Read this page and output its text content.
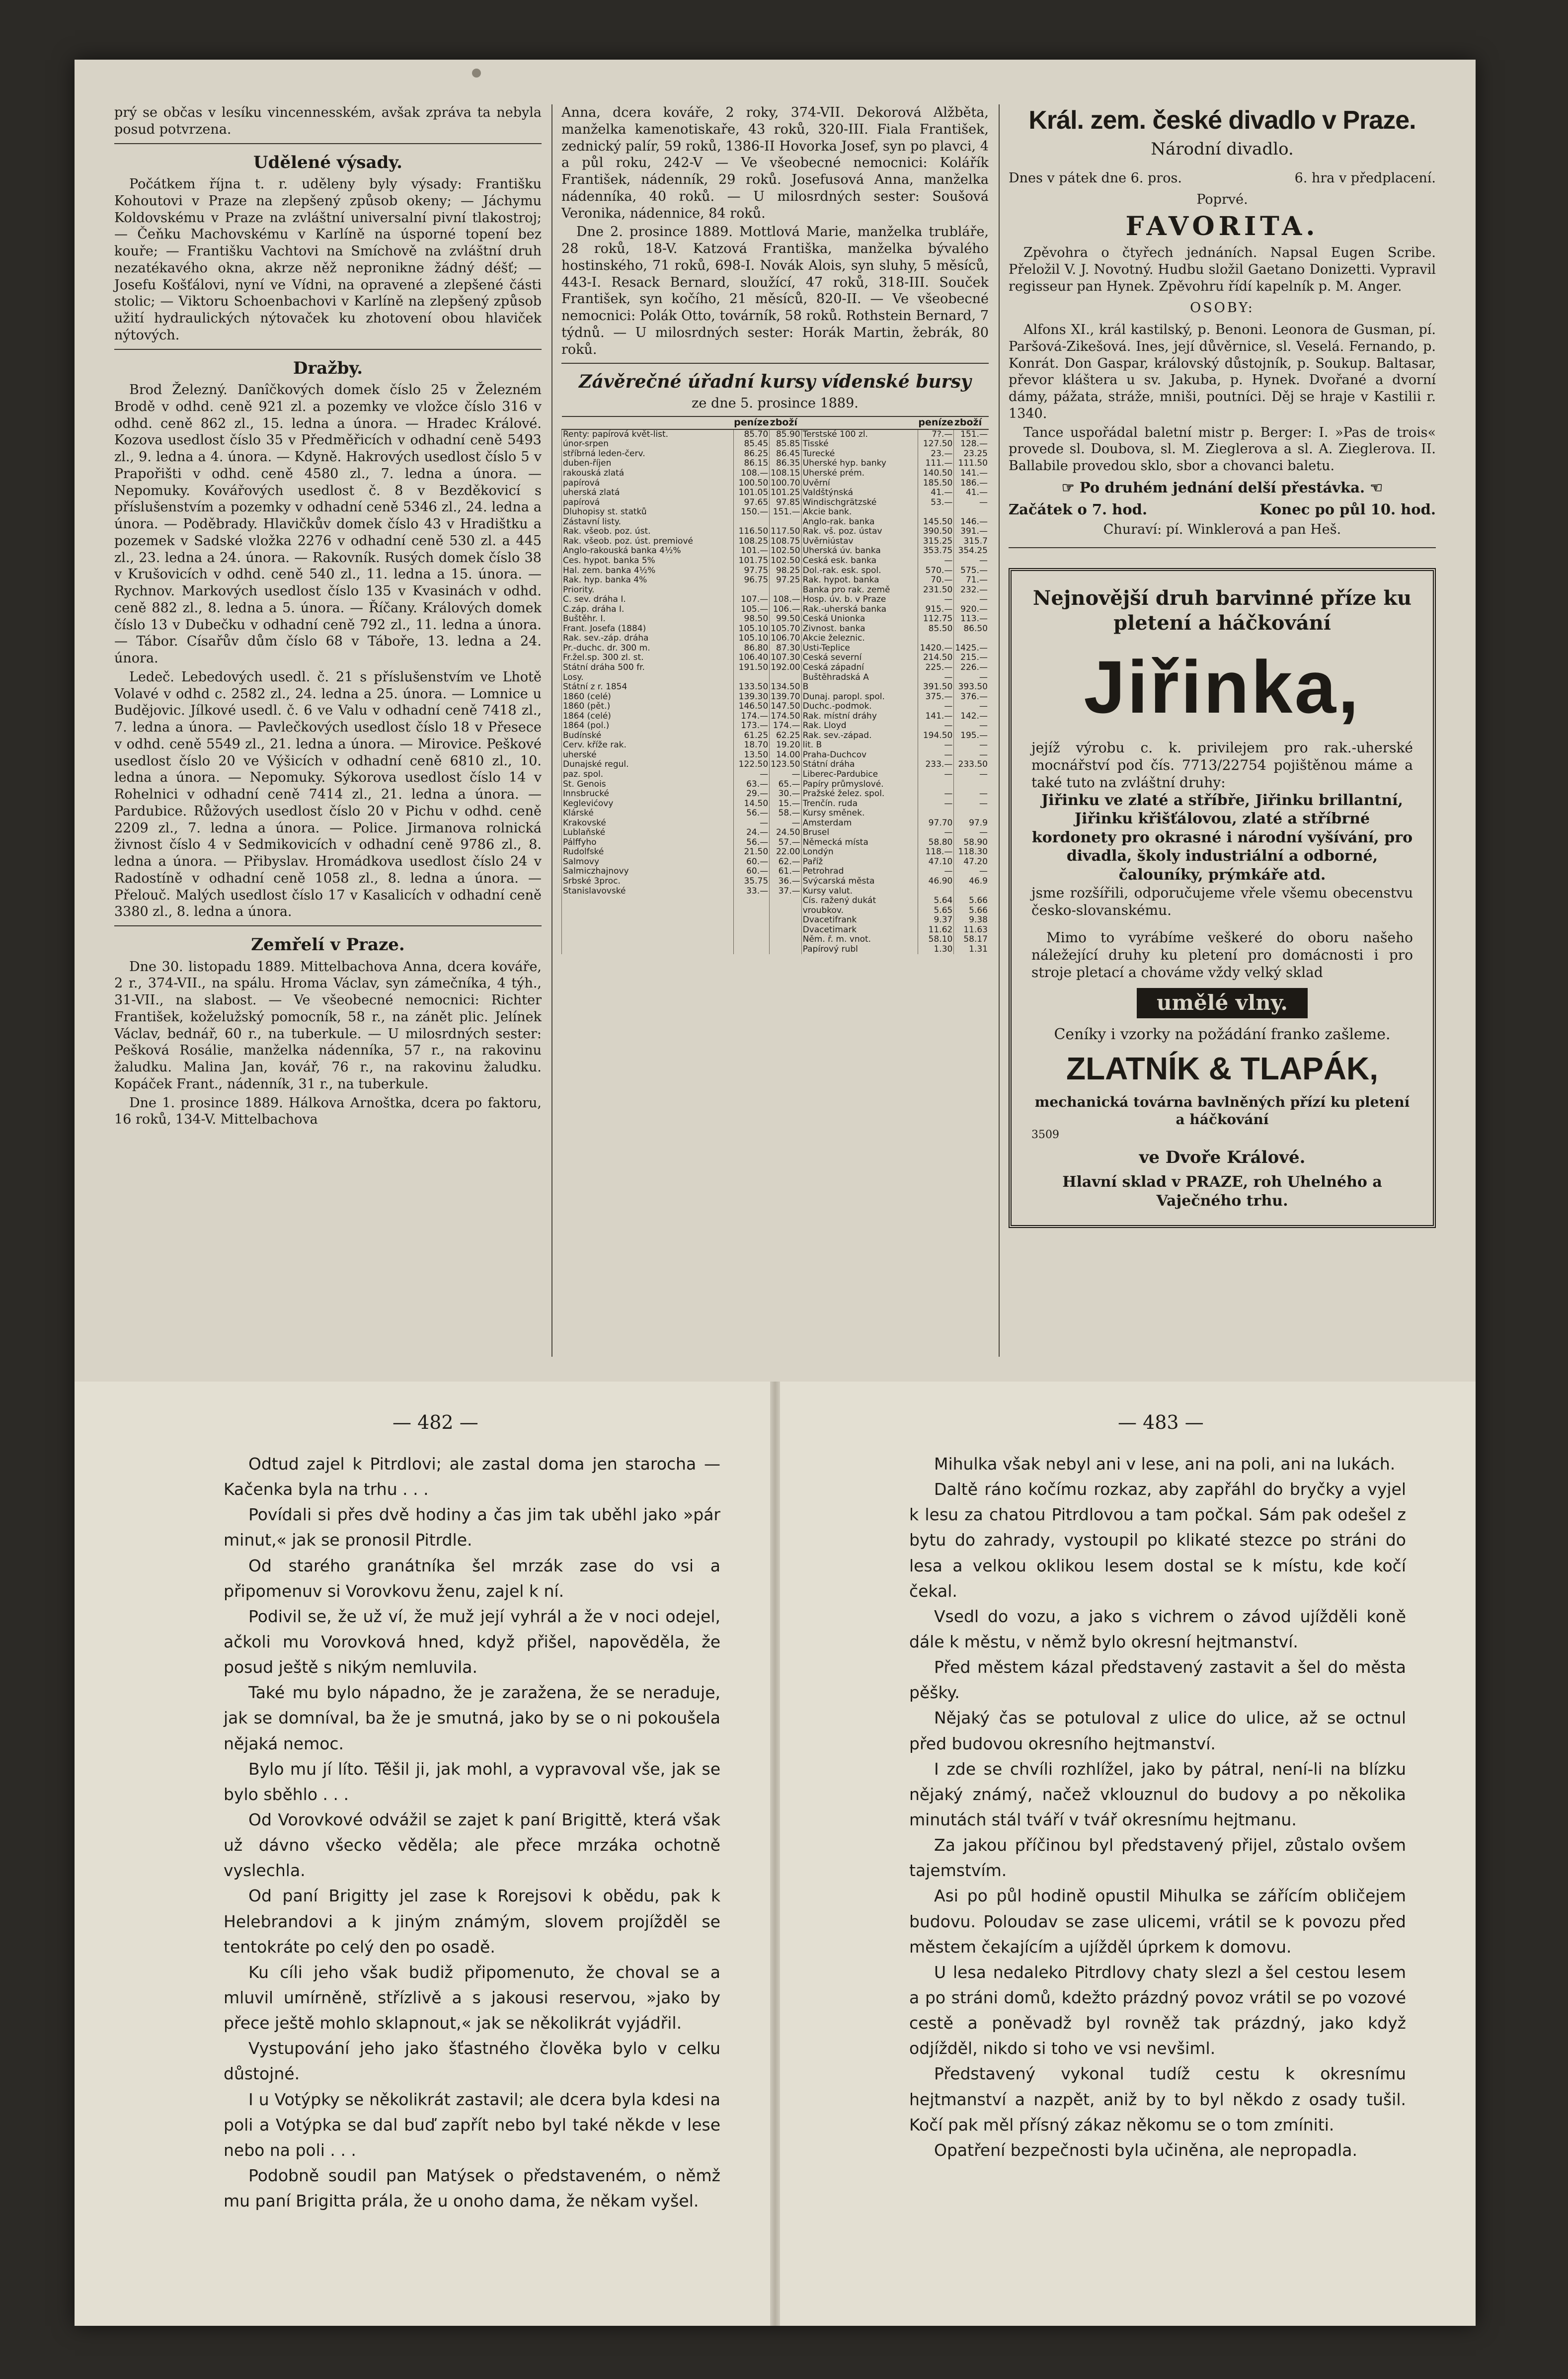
prý se občas v lesíku vincennesském, avšak zpráva ta nebyla posud potvrzena.

Udělené výsady.

Počátkem října t. r. uděleny byly výsady: Františku Kohoutovi v Praze na zlepšený způsob okeny; — Jáchymu Koldovskému v Praze na zvláštní universalní pivní tlakostroj; — Čeňku Machovskému v Karlíně na úsporné topení bez kouře; — Františku Vachtovi na Smíchově na zvláštní druh nezatékavého okna, akrze něž nepronikne žádný déšť; — Josefu Košťálovi, nyní ve Vídni, na opravené a zlepšené části stolic; — Viktoru Schoenbachovi v Karlíně na zlepšený způsob užití hydraulických nýtovaček ku zhotovení obou hlaviček nýtových.

Dražby.

Brod Železný. Danîčkových domek číslo 25 v Železném Brodě v odhd. ceně 921 zl. a pozemky ve vložce číslo 316 v odhd. ceně 862 zl., 15. ledna a února. — Hradec Králové. Kozova usedlost číslo 35 v Předměřicích v odhadní ceně 5493 zl., 9. ledna a 4. února. — Kdyně. Hakrových usedlost číslo 5 v Prapořišti v odhd. ceně 4580 zl., 7. ledna a února. — Nepomuky. Kovářových usedlost č. 8 v Bezděkovicí s příslušenstvím a pozemky v odhadní ceně 5346 zl., 24. ledna a února. — Poděbrady. Hlavičkův domek číslo 43 v Hradištku a pozemek v Sadské vložka 2276 v odhadní ceně 530 zl. a 445 zl., 23. ledna a 24. února. — Rakovník. Rusých domek číslo 38 v Krušovicích v odhd. ceně 540 zl., 11. ledna a 15. února. — Rychnov. Markových usedlost číslo 135 v Kvasinách v odhd. ceně 882 zl., 8. ledna a 5. února. — Říčany. Králových domek číslo 13 v Dubečku v odhadní ceně 792 zl., 11. ledna a února. — Tábor. Císařův dům číslo 68 v Táboře, 13. ledna a 24. února.

Ledeč. Lebedových usedl. č. 21 s příslušenstvím ve Lhotě Volavé v odhd c. 2582 zl., 24. ledna a 25. února. — Lomnice u Budějovic. Jílkové usedl. č. 6 ve Valu v odhadní ceně 7418 zl., 7. ledna a února. — Pavlečkových usedlost číslo 18 v Přesece v odhd. ceně 5549 zl., 21. ledna a února. — Mirovice. Peškové usedlost číslo 20 ve Výšicích v odhadní ceně 6810 zl., 10. ledna a února. — Nepomuky. Sýkorova usedlost číslo 14 v Rohelnici v odhadní ceně 7414 zl., 21. ledna a února. — Pardubice. Růžových usedlost číslo 20 v Pichu v odhd. ceně 2209 zl., 7. ledna a února. — Police. Jirmanova rolnická živnost číslo 4 v Sedmikovicích v odhadní ceně 9786 zl., 8. ledna a února. — Přibyslav. Hromádkova usedlost číslo 24 v Radostíně v odhadní ceně 1058 zl., 8. ledna a února. — Přelouč. Malých usedlost číslo 17 v Kasalicích v odhadní ceně 3380 zl., 8. ledna a února.

Zemřelí v Praze.

Dne 30. listopadu 1889. Mittelbachova Anna, dcera kováře, 2 r., 374-VII., na spálu. Hroma Václav, syn zámečníka, 4 týh., 31-VII., na slabost. — Ve všeobecné nemocnici: Richter František, koželužský pomocník, 58 r., na zánět plic. Jelínek Václav, bednář, 60 r., na tuberkule. — U milosrdných sester: Pešková Rosálie, manželka nádenníka, 57 r., na rakovinu žaludku. Malina Jan, kovář, 76 r., na rakovinu žaludku. Kopáček Frant., nádenník, 31 r., na tuberkule.

Dne 1. prosince 1889. Hálkova Arnoštka, dcera po faktoru, 16 roků, 134-V. Mittelbachova

Anna, dcera kováře, 2 roky, 374-VII. Dekorová Alžběta, manželka kamenotiskaře, 43 roků, 320-III. Fiala František, zednický palír, 59 roků, 1386-II Hovorka Josef, syn po plavci, 4 a půl roku, 242-V — Ve všeobecné nemocnici: Kolářík František, nádenník, 29 roků. Josefusová Anna, manželka nádenníka, 40 roků. — U milosrdných sester: Soušová Veronika, nádennice, 84 roků.

Dne 2. prosince 1889. Mottlová Marie, manželka trubláře, 28 roků, 18-V. Katzová Františka, manželka bývalého hostinského, 71 roků, 698-I. Novák Alois, syn sluhy, 5 měsíců, 443-I. Resack Bernard, sloužící, 47 roků, 318-III. Souček František, syn kočího, 21 měsíců, 820-II. — Ve všeobecné nemocnici: Polák Otto, továrník, 58 roků. Rothstein Bernard, 7 týdnů. — U milosrdných sester: Horák Martin, žebrák, 80 roků.

Závěrečné úřadní kursy vídenské bursy
ze dne 5. prosince 1889.
	peníze	zboží		peníze	zboží
Renty: papírová květ-list.	85.70	85.90	Terstské 100 zl.	7?.—	151.—
únor-srpen	85.45	85.85	Tisské	127.50	128.—
stříbrná leden-červ.	86.25	86.45	Turecké	23.—	23.25
duben-říjen	86.15	86.35	Uherské hyp. banky	111.—	111.50
rakouská zlatá	108.—	108.15	Uherské prém.	140.50	141.—
papírová	100.50	100.70	Úvěrní	185.50	186.—
uherská zlatá	101.05	101.25	Valdštýnská	41.—	41.—
papírová	97.65	97.85	Windischgrätzské	53.—	—
Dluhopisy st. statků	150.—	151.—	Akcie bank.		
Zástavní listy.			Anglo-rak. banka	145.50	146.—
Rak. všeob. poz. úst.	116.50	117.50	Rak. vš. poz. ústav	390.50	391.—
Rak. všeob. poz. úst. premiové	108.25	108.75	Úvěrniústav	315.25	315.7
Anglo-rakouská banka 4½%	101.—	102.50	Uherská úv. banka	353.75	354.25
Čes. hypot. banka 5%	101.75	102.50	Česká esk. banka	—	—
Hal. zem. banka 4½%	97.75	98.25	Dol.-rak. esk. spol.	570.—	575.—
Rak. hyp. banka 4%	96.75	97.25	Rak. hypot. banka	70.—	71.—
Priority.			Banka pro rak. země	231.50	232.—
Č. sev. dráha I.	107.—	108.—	Hosp. úv. b. v Praze	—	—
Č.záp. dráha I.	105.—	106.—	Rak.-uherská banka	915.—	920.—
Buštěhr. I.	98.50	99.50	Česká Unionka	112.75	113.—
Frant. Josefa (1884)	105.10	105.70	Živnost. banka	85.50	86.50
Rak. sev.-záp. dráha	105.10	106.70	Akcie železnic.		
Pr.-duchc. dr. 300 m.	86.80	87.30	Ústi-Teplice	1420.—	1425.—
Fr.žel.sp. 300 zl. st.	106.40	107.30	Česká severní	214.50	215.—
Státní dráha 500 fr.	191.50	192.00	Česká západní	225.—	226.—
Losy.			Buštěhradská A	—	—
Státní z r. 1854	133.50	134.50	B	391.50	393.50
1860 (celé)	139.30	139.70	Dunaj. paropl. spol.	375.—	376.—
1860 (pět.)	146.50	147.50	Duchc.-podmok.	—	—
1864 (celé)	174.—	174.50	Rak. místní dráhy	141.—	142.—
1864 (pol.)	173.—	174.—	Rak. Lloyd	—	—
Budínské	61.25	62.25	Rak. sev.-západ.	194.50	195.—
Červ. kříže rak.	18.70	19.20	lit. B	—	—
uherské	13.50	14.00	Praha-Duchcov	—	—
Dunajské regul.	122.50	123.50	Státní dráha	233.—	233.50
paz. spol.	—	—	Liberec-Pardubice	—	—
St. Genois	63.—	65.—	Papíry průmyslové.		
Innsbrucké	29.—	30.—	Pražské želez. spol.	—	—
Keglevićovy	14.50	15.—	Trenčín. ruda	—	—
Klárské	56.—	58.—	Kursy směnek.		
Krakovské	—	—	Amsterdam	97.70	97.9
Lublaňské	24.—	24.50	Brusel	—	—
Pálffyho	56.—	57.—	Německá místa	58.80	58.90
Rudolfské	21.50	22.00	Londýn	118.—	118.30
Salmovy	60.—	62.—	Paříž	47.10	47.20
Salmiczhajnovy	60.—	61.—	Petrohrad	—	—
Srbské 3proc.	35.75	36.—	Svýcarská města	46.90	46.9
Stanislavovské	33.—	37.—	Kursy valut.		
			Cís. ražený dukát	5.64	5.66
			vroubkov.	5.65	5.66
			Dvacetifrank	9.37	9.38
			Dvacetimark	11.62	11.63
			Něm. ř. m. vnot.	58.10	58.17
			Papírový rubl	1.30	1.31
Král. zem. české divadlo v Praze.
Národní divadlo.
Dnes v pátek dne 6. pros.	6. hra v předplacení.
Poprvé.
FAVORITA.

Zpěvohra o čtyřech jednáních. Napsal Eugen Scribe. Přeložil V. J. Novotný. Hudbu složil Gaetano Donizetti. Vypravil regisseur pan Hynek. Zpěvohru řídí kapelník p. M. Anger.

OSOBY:

Alfons XI., král kastilský, p. Benoni. Leonora de Gusman, pí. Paršová-Zikešová. Ines, její důvěrnice, sl. Veselá. Fernando, p. Konrát. Don Gaspar, královský důstojník, p. Soukup. Baltasar, převor kláštera u sv. Jakuba, p. Hynek. Dvořané a dvorní dámy, pážata, stráže, mniši, poutníci. Děj se hraje v Kastilii r. 1340.

Tance uspořádal baletní mistr p. Berger: I. »Pas de trois« provede sl. Doubova, sl. M. Zieglerova a sl. A. Zieglerova. II. Ballabile provedou sklo, sbor a chovanci baletu.

☞ Po druhém jednání delší přestávka. ☜
Začátek o 7. hod.	Konec po půl 10. hod.
Churaví: pí. Winklerová a pan Heš.
Nejnovější druh barvinné příze ku pletení a háčkování
Jiřinka,
jejíž výrobu c. k. privilejem pro rak.-uherské mocnářství pod čís. 7713/22754 pojištěnou máme a také tuto na zvláštní druhy:
Jiřinku ve zlaté a stříbře, Jiřinku brillantní, Jiřinku křišťálovou, zlaté a stříbrné kordonety pro okrasné i národní vyšívání, pro divadla, školy industriální a odborné, čalouníky, prýmkáře atd.
jsme rozšířili, odporučujeme vřele všemu obecenstvu česko-slovanskému.
Mimo to vyrábíme veškeré do oboru našeho náležející druhy ku pletení pro domácnosti i pro stroje pletací a chováme vždy velký sklad
umělé vlny.
Ceníky i vzorky na požádání franko zašleme.
ZLATNÍK & TLAPÁK,
mechanická továrna bavlněných přízí ku pletení a háčkování
3509
ve Dvoře Králové.
Hlavní sklad v PRAZE, roh Uhelného a Vaječného trhu.
— 482 —	— 483 —

Odtud zajel k Pitrdlovi; ale zastal doma jen starocha — Kačenka byla na trhu . . .

Povídali si přes dvě hodiny a čas jim tak uběhl jako »pár minut,« jak se pronosil Pitrdle.

Od starého granátníka šel mrzák zase do vsi a připomenuv si Vorovkovu ženu, zajel k ní.

Podivil se, že už ví, že muž její vyhrál a že v noci odejel, ačkoli mu Vorovková hned, když přišel, napověděla, že posud ještě s nikým nemluvila.

Také mu bylo nápadno, že je zaražena, že se neraduje, jak se domníval, ba že je smutná, jako by se o ni pokoušela nějaká nemoc.

Bylo mu jí líto. Těšil ji, jak mohl, a vypravoval vše, jak se bylo sběhlo . . .

Od Vorovkové odvážil se zajet k paní Brigittě, která však už dávno všecko věděla; ale přece mrzáka ochotně vyslechla.

Od paní Brigitty jel zase k Rorejsovi k obědu, pak k Helebrandovi a k jiným známým, slovem projížděl se tentokráte po celý den po osadě.

Ku cíli jeho však budiž připomenuto, že choval se a mluvil umírněně, střízlivě a s jakousi reservou, »jako by přece ještě mohlo sklapnout,« jak se několikrát vyjádřil.

Vystupování jeho jako šťastného člověka bylo v celku důstojné.

I u Votýpky se několikrát zastavil; ale dcera byla kdesi na poli a Votýpka se dal buď zapřít nebo byl také někde v lese nebo na poli . . .

Podobně soudil pan Matýsek o představeném, o němž mu paní Brigitta prála, že u onoho dama, že někam vyšel.

Mihulka však nebyl ani v lese, ani na poli, ani na lukách.

Daltě ráno kočímu rozkaz, aby zapřáhl do bryčky a vyjel k lesu za chatou Pitrdlovou a tam počkal. Sám pak odešel z bytu do zahrady, vystoupil po klikaté stezce po stráni do lesa a velkou oklikou lesem dostal se k místu, kde kočí čekal.

Vsedl do vozu, a jako s vichrem o závod ujížděli koně dále k městu, v němž bylo okresní hejtmanství.

Před městem kázal představený zastavit a šel do města pěšky.

Nějaký čas se potuloval z ulice do ulice, až se octnul před budovou okresního hejtmanství.

I zde se chvíli rozhlížel, jako by pátral, není-li na blízku nějaký známý, načež vklouznul do budovy a po několika minutách stál tváří v tvář okresnímu hejtmanu.

Za jakou příčinou byl představený přijel, zůstalo ovšem tajemstvím.

Asi po půl hodině opustil Mihulka se zářícím obličejem budovu. Poloudav se zase ulicemi, vrátil se k povozu před městem čekajícím a ujížděl úprkem k domovu.

U lesa nedaleko Pitrdlovy chaty slezl a šel cestou lesem a po stráni domů, kdežto prázdný povoz vrátil se po vozové cestě a poněvadž byl rovněž tak prázdný, jako když odjížděl, nikdo si toho ve vsi nevšiml.

Představený vykonal tudíž cestu k okresnímu hejtmanství a nazpět, aniž by to byl někdo z osady tušil. Kočí pak měl přísný zákaz někomu se o tom zmíniti.

Opatření bezpečnosti byla učiněna, ale nepropadla.
